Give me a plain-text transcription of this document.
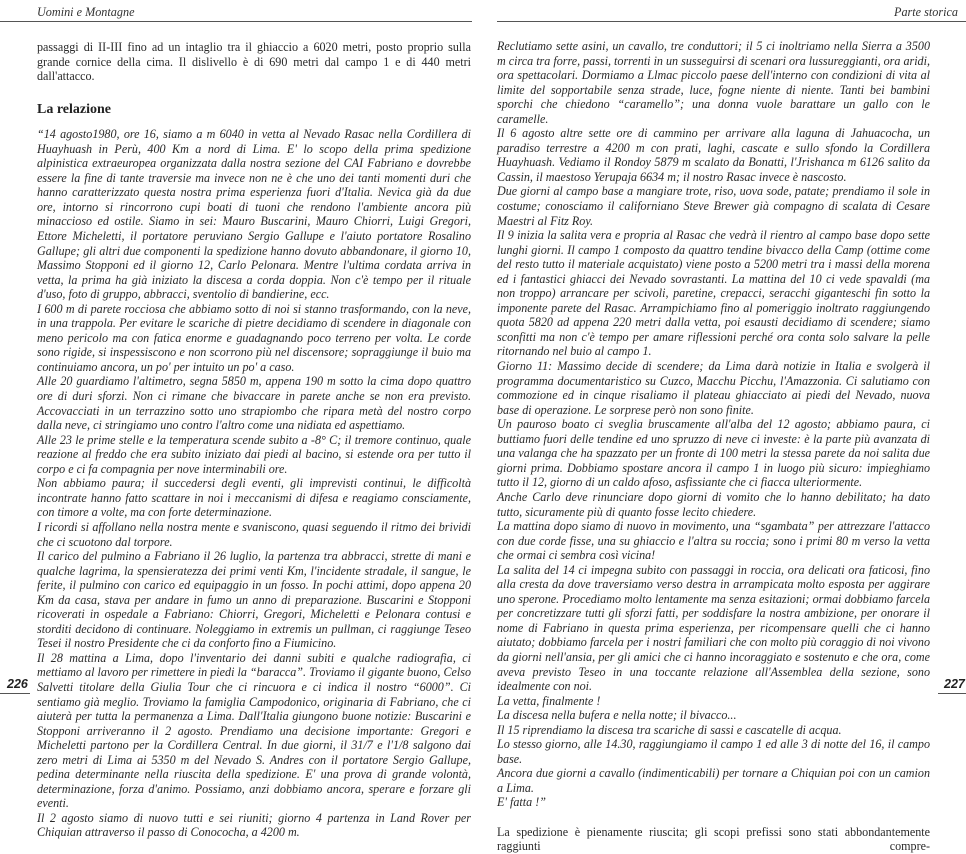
Uomini e Montagne

passaggi di II-III fino ad un intaglio tra il ghiaccio a 6020 metri, posto proprio sulla grande cornice della cima. Il dislivello è di 690 metri dal campo 1 e di 440 metri dall'attacco.

La relazione

“14 agosto1980, ore 16, siamo a m 6040 in vetta al Nevado Rasac nella Cordillera di Huayhuash in Perù, 400 Km a nord di Lima. E' lo scopo della prima spedizione alpinistica extraeuropea organizzata dalla nostra sezione del CAI Fabriano e dovrebbe essere la fine di tante traversie ma invece non ne è che uno dei tanti momenti duri che hanno caratterizzato questa nostra prima esperienza fuori d'Italia. Nevica già da due ore, intorno si rincorrono cupi boati di tuoni che rendono l'ambiente ancora più minaccioso ed ostile. Siamo in sei: Mauro Buscarini, Mauro Chiorri, Luigi Gregori, Ettore Micheletti, il portatore peruviano Sergio Gallupe e l'aiuto portatore Rosalino Gallupe; gli altri due componenti la spedizione hanno dovuto abbandonare, il giorno 10, Massimo Stopponi ed il giorno 12, Carlo Pelonara. Mentre l'ultima cordata arriva in vetta, la prima ha già iniziato la discesa a corda doppia. Non c'è tempo per il rituale d'uso, foto di gruppo, abbracci, sventolio di bandierine, ecc.

I 600 m di parete rocciosa che abbiamo sotto di noi si stanno trasformando, con la neve, in una trappola. Per evitare le scariche di pietre decidiamo di scendere in diagonale con meno pericolo ma con fatica enorme e guadagnando poco terreno per volta. Le corde sono rigide, si inspessiscono e non scorrono più nel discensore; sopraggiunge il buio ma continuiamo ancora, un po' per intuito un po' a caso.

Alle 20 guardiamo l'altimetro, segna 5850 m, appena 190 m sotto la cima dopo quattro ore di duri sforzi. Non ci rimane che bivaccare in parete anche se non era previsto. Accovacciati in un terrazzino sotto uno strapiombo che ripara metà del nostro corpo dalla neve, ci stringiamo uno contro l'altro come una nidiata ed aspettiamo.

Alle 23 le prime stelle e la temperatura scende subito a -8° C; il tremore continuo, quale reazione al freddo che era subito iniziato dai piedi al bacino, si estende ora per tutto il corpo e ci fa compagnia per nove interminabili ore.

Non abbiamo paura; il succedersi degli eventi, gli imprevisti continui, le difficoltà incontrate hanno fatto scattare in noi i meccanismi di difesa e reagiamo consciamente, con timore a volte, ma con forte determinazione.

I ricordi si affollano nella nostra mente e svaniscono, quasi seguendo il ritmo dei brividi che ci scuotono dal torpore.

Il carico del pulmino a Fabriano il 26 luglio, la partenza tra abbracci, strette di mani e qualche lagrima, la spensieratezza dei primi venti Km, l'incidente stradale, il sangue, le ferite, il pulmino con carico ed equipaggio in un fosso. In pochi attimi, dopo appena 20 Km da casa, stava per andare in fumo un anno di preparazione. Buscarini e Stopponi ricoverati in ospedale a Fabriano: Chiorri, Gregori, Micheletti e Pelonara contusi e storditi decidono di continuare. Noleggiamo in extremis un pullman, ci raggiunge Teseo Tesei il nostro Presidente che ci da conforto fino a Fiumicino.

Il 28 mattina a Lima, dopo l'inventario dei danni subiti e qualche radiografia, ci mettiamo al lavoro per rimettere in piedi la “baracca”. Troviamo il gigante buono, Celso Salvetti titolare della Giulia Tour che ci rincuora e ci indica il nostro “6000”. Ci sentiamo già meglio. Troviamo la famiglia Campodonico, originaria di Fabriano, che ci aiuterà per tutta la permanenza a Lima. Dall'Italia giungono buone notizie: Buscarini e Stopponi arriveranno il 2 agosto. Prendiamo una decisione importante: Gregori e Micheletti partono per la Cordillera Central. In due giorni, il 31/7 e l'1/8 salgono dai zero metri di Lima ai 5350 m del Nevado S. Andres con il portatore Sergio Gallupe, pedina determinante nella riuscita della spedizione. E' una prova di grande volontà, determinazione, forza d'animo. Possiamo, anzi dobbiamo ancora, sperare e forzare gli eventi.

Il 2 agosto siamo di nuovo tutti e sei riuniti; giorno 4 partenza in Land Rover per Chiquian attraverso il passo di Conococha, a 4200 m.

226
Parte storica

Reclutiamo sette asini, un cavallo, tre conduttori; il 5 ci inoltriamo nella Sierra a 3500 m circa tra forre, passi, torrenti in un susseguirsi di scenari ora lussureggianti, ora aridi, ora spettacolari. Dormiamo a Llmac piccolo paese dell'interno con condizioni di vita al limite del sopportabile senza strade, luce, fogne niente di niente. Tanti bei bambini sporchi che chiedono “caramello”; una donna vuole barattare un gallo con le caramelle.

Il 6 agosto altre sette ore di cammino per arrivare alla laguna di Jahuacocha, un paradiso terrestre a 4200 m con prati, laghi, cascate e sullo sfondo la Cordillera Huayhuash. Vediamo il Rondoy 5879 m scalato da Bonatti, l'Jrishanca m 6126 salito da Cassin, il maestoso Yerupaja 6634 m; il nostro Rasac invece è nascosto.

Due giorni al campo base a mangiare trote, riso, uova sode, patate; prendiamo il sole in costume; conosciamo il californiano Steve Brewer già compagno di scalata di Cesare Maestri al Fitz Roy.

Il 9 inizia la salita vera e propria al Rasac che vedrà il rientro al campo base dopo sette lunghi giorni. Il campo 1 composto da quattro tendine bivacco della Camp (ottime come del resto tutto il materiale acquistato) viene posto a 5200 metri tra i massi della morena ed i fantastici ghiacci dei Nevado sovrastanti. La mattina del 10 ci vede spavaldi (ma non troppo) arrancare per scivoli, paretine, crepacci, seracchi giganteschi fin sotto la imponente parete del Rasac. Arrampichiamo fino al pomeriggio inoltrato raggiungendo quota 5820 ad appena 220 metri dalla vetta, poi esausti decidiamo di scendere; siamo sconfitti ma non c'è tempo per amare riflessioni perché ora conta solo salvare la pelle ritornando nel buio al campo 1.

Giorno 11: Massimo decide di scendere; da Lima darà notizie in Italia e svolgerà il programma documentaristico su Cuzco, Macchu Picchu, l'Amazzonia. Ci salutiamo con commozione ed in cinque risaliamo il plateau ghiacciato ai piedi del Nevado, nuova base di operazione. Le sorprese però non sono finite.

Un pauroso boato ci sveglia bruscamente all'alba del 12 agosto; abbiamo paura, ci buttiamo fuori delle tendine ed uno spruzzo di neve ci investe: è la parte più avanzata di una valanga che ha spazzato per un fronte di 100 metri la stessa parete da noi salita due giorni prima. Dobbiamo spostare ancora il campo 1 in luogo più sicuro: impieghiamo tutto il 12, giorno di un caldo afoso, asfissiante che ci fiacca ulteriormente.

Anche Carlo deve rinunciare dopo giorni di vomito che lo hanno debilitato; ha dato tutto, sicuramente più di quanto fosse lecito chiedere.

La mattina dopo siamo di nuovo in movimento, una “sgambata” per attrezzare l'attacco con due corde fisse, una su ghiaccio e l'altra su roccia; sono i primi 80 m verso la vetta che ormai ci sembra così vicina!

La salita del 14 ci impegna subito con passaggi in roccia, ora delicati ora faticosi, fino alla cresta da dove traversiamo verso destra in arrampicata molto esposta per aggirare uno sperone. Procediamo molto lentamente ma senza esitazioni; ormai dobbiamo farcela per concretizzare tutti gli sforzi fatti, per soddisfare la nostra ambizione, per onorare il nome di Fabriano in questa prima esperienza, per ricompensare quelli che ci hanno aiutato; dobbiamo farcela per i nostri familiari che con molto più coraggio di noi vivono da giorni nell'ansia, per gli amici che ci hanno incoraggiato e sostenuto e che ora, come aveva previsto Teseo in una toccante relazione all'Assemblea della sezione, sono idealmente con noi.

La vetta, finalmente !

La discesa nella bufera e nella notte; il bivacco...

Il 15 riprendiamo la discesa tra scariche di sassi e cascatelle di acqua.

Lo stesso giorno, alle 14.30, raggiungiamo il campo 1 ed alle 3 di notte del 16, il campo base.

Ancora due giorni a cavallo (indimenticabili) per tornare a Chiquian poi con un camion a Lima.

E' fatta !”

La spedizione è pienamente riuscita; gli scopi prefissi sono stati abbondantemente raggiunti compre-

227
